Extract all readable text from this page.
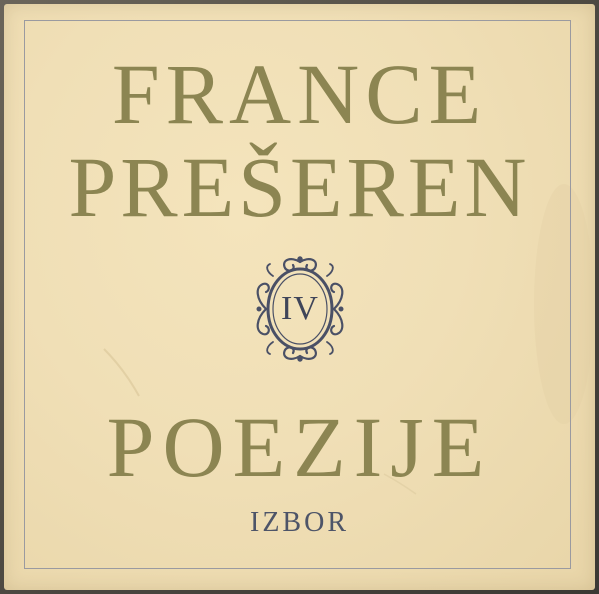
FRANCE
PREŠEREN
IV
POEZIJE
IZBOR
